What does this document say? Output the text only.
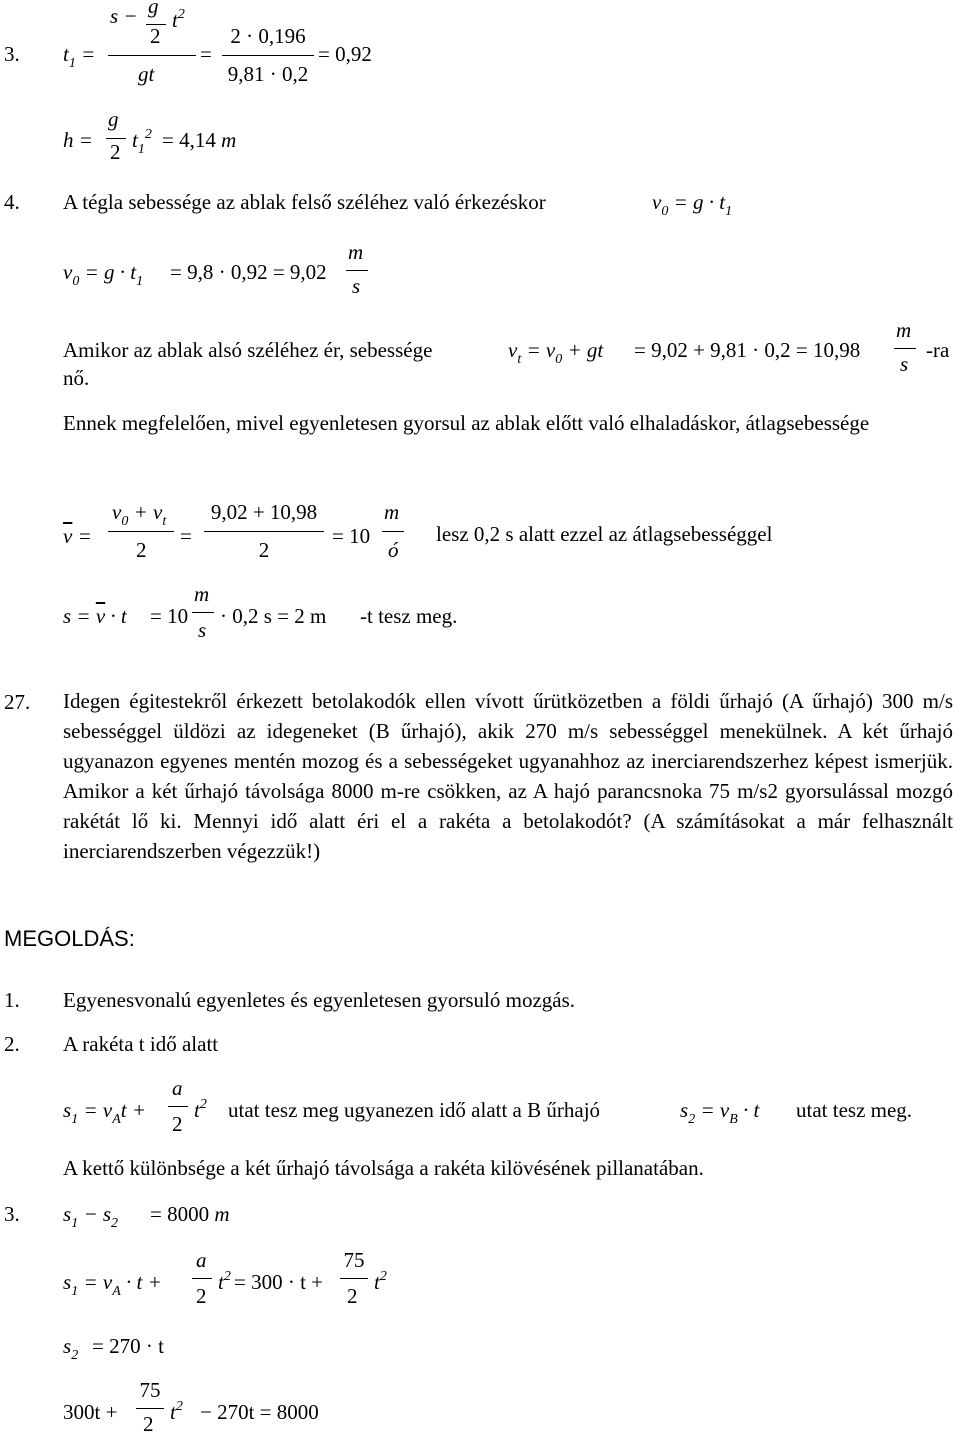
3. $t_1$ =
s − g
2
$t^2$
gt
=
2 · 0,196
9,81 · 0,2
= 0,92
h =
g
2 $t_1^2 = 4,14$ m
4. A tégla sebessége az ablak felső széléhez való érkezéskor	$v_0 = g \cdot t_1$
$v_0 = g \cdot t_1 = 9,8 \cdot 0,92 = 9,02$
m
s
Amikor az ablak alsó széléhez ér, sebessége	$v_t = v_0$ + gt = 9,02 + 9,81 · 0,2 = 10,98
m
s
-ra
nő.
Ennek megfelelően, mivel egyenletesen gyorsul az ablak előtt való elhaladáskor, átlagsebessége
$\overline{v}$ =
$v_0 + v_t$
2
=
9,02 + 10,98
2
= 10
m
ó
lesz 0,2 s alatt ezzel az átlagsebességgel
$s = \overline{v} \cdot t = 10$
m
s
· 0,2 s = 2 m -t tesz meg.
27. Idegen égitestekről érkezett betolakodók ellen vívott űrütközetben a földi űrhajó (A űrhajó) 300 m/s sebességgel üldözi az idegeneket (B űrhajó), akik 270 m/s sebességgel menekülnek. A két űrhajó ugyanazon egyenes mentén mozog és a sebességeket ugyanahhoz az inerciarendszerhez képest ismerjük. Amikor a két űrhajó távolsága 8000 m-re csökken, az A hajó parancsnoka 75 m/s2 gyorsulással mozgó rakétát lő ki. Mennyi idő alatt éri el a rakéta a betolakodót? (A számításokat a már felhasznált inerciarendszerben végezzük!)
MEGOLDÁS:
1. Egyenesvonalú egyenletes és egyenletesen gyorsuló mozgás.
2. A rakéta t idő alatt
$s_1 = v_At$ +
a
2
$t^2$ utat tesz meg ugyanezen idő alatt a B űrhajó	$s_2 = v_B \cdot t$ utat tesz meg.
A kettő különbsége a két űrhajó távolsága a rakéta kilövésének pillanatában.
3. $s_1 - s_2 = 8000$ m
$s_1 = v_A \cdot t$ +
a
2
$t^2 = 300 \cdot t$ +
75
2
$t^2$
$s_2 = 270 \cdot t$
300t +
75
2 $t^2 - 270t = 8000$
